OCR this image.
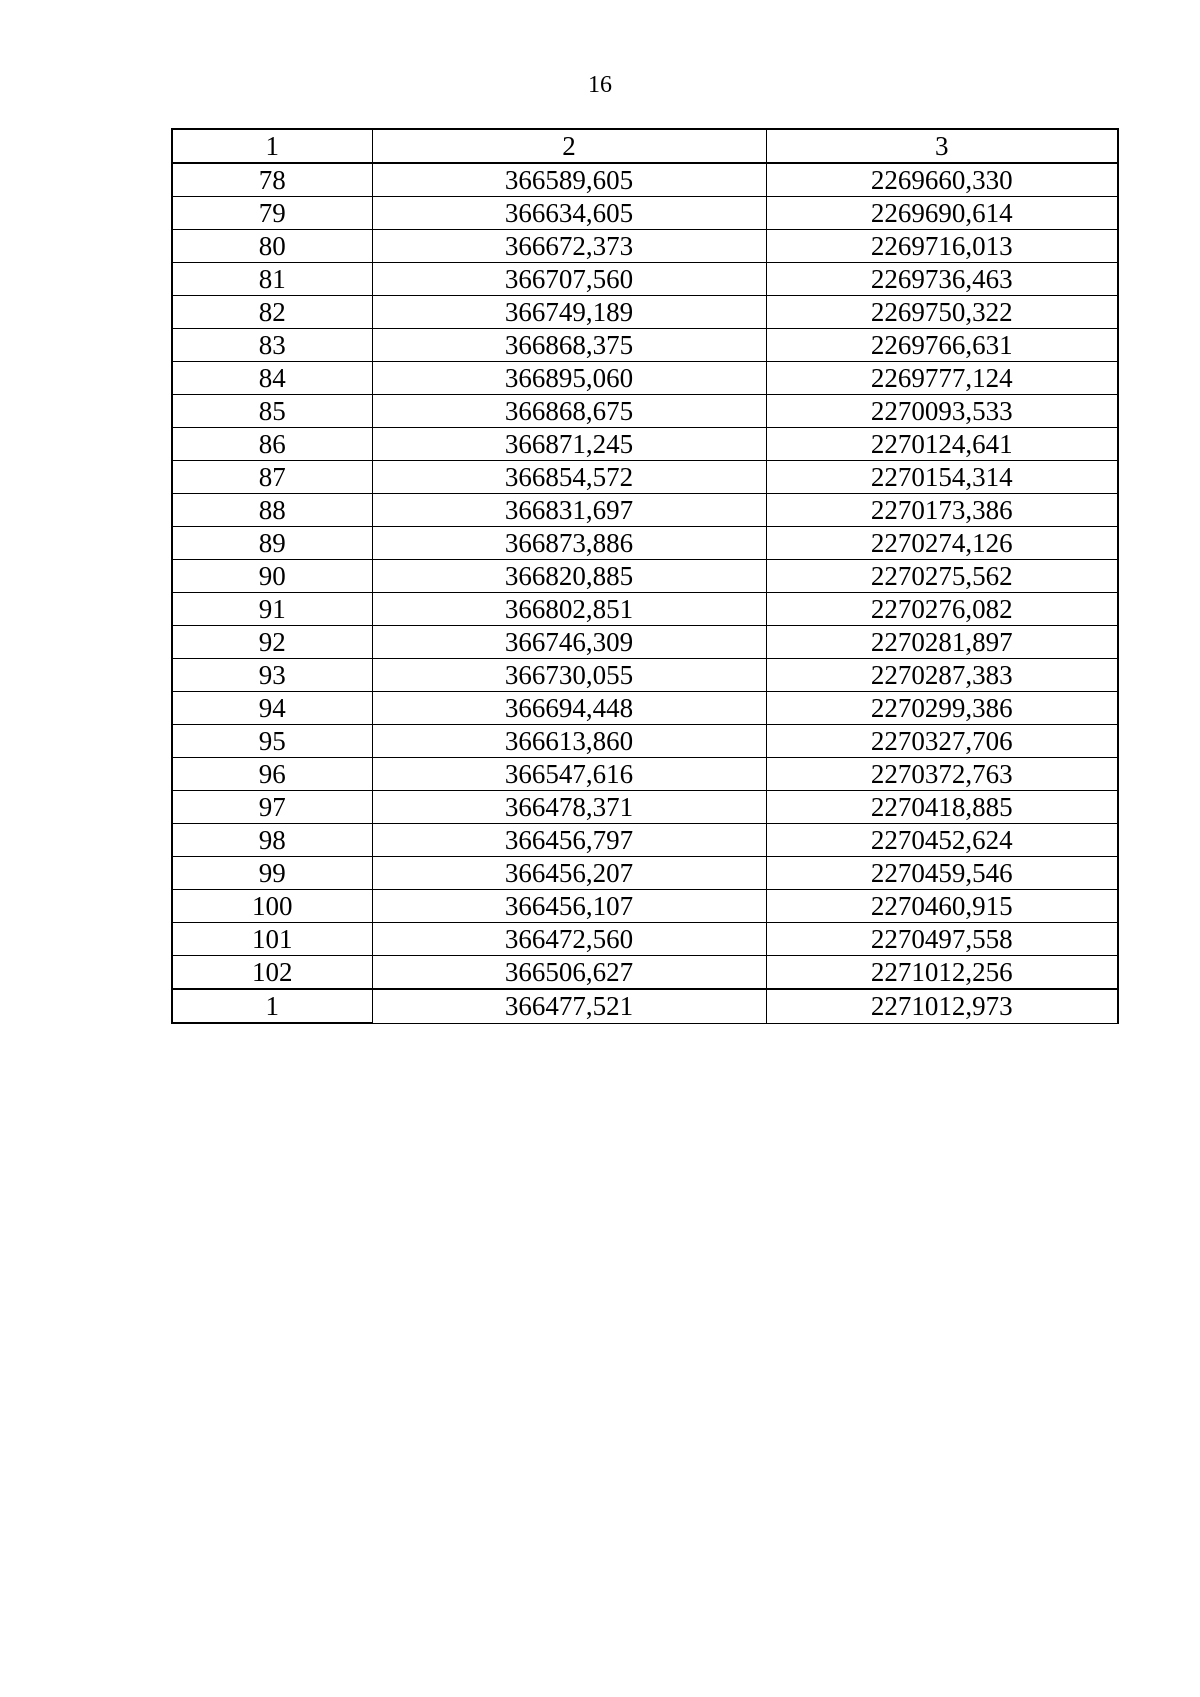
16
1	2	3
78	366589,605	2269660,330
79	366634,605	2269690,614
80	366672,373	2269716,013
81	366707,560	2269736,463
82	366749,189	2269750,322
83	366868,375	2269766,631
84	366895,060	2269777,124
85	366868,675	2270093,533
86	366871,245	2270124,641
87	366854,572	2270154,314
88	366831,697	2270173,386
89	366873,886	2270274,126
90	366820,885	2270275,562
91	366802,851	2270276,082
92	366746,309	2270281,897
93	366730,055	2270287,383
94	366694,448	2270299,386
95	366613,860	2270327,706
96	366547,616	2270372,763
97	366478,371	2270418,885
98	366456,797	2270452,624
99	366456,207	2270459,546
100	366456,107	2270460,915
101	366472,560	2270497,558
102	366506,627	2271012,256
1	366477,521	2271012,973
